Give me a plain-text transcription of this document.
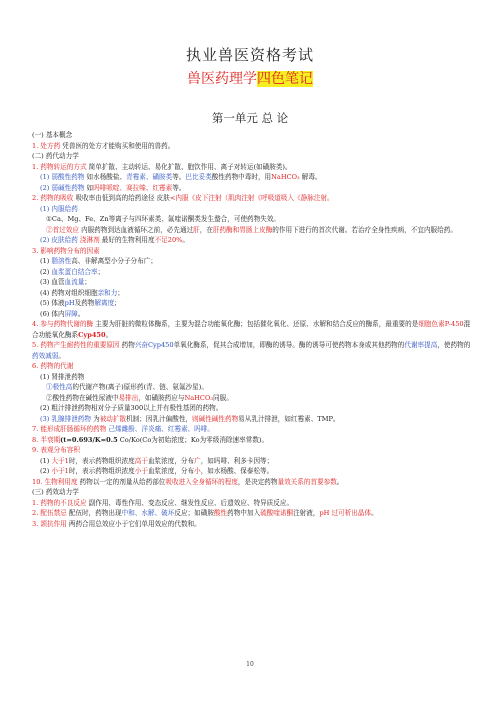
执业兽医资格考试
兽医药理学四色笔记
第一单元 总 论
(一) 基本概念
1. 处方药 凭兽医的处方才能购买和使用的兽药。
(二) 药代动力学
1. 药物转运的方式 简单扩散、主动转运、易化扩散、胞饮作用、离子对转运(如磺胺类)。
(1) 弱酸性药物 如水杨酸盐、青霉素、磺胺类等。巴比妥类酸性药物中毒时，用NaHCO₃ 解毒。
(2) 弱碱性药物 如吗啡哌啶、赛拉嗪、红霉素等。
2. 药物的吸收 吸收率由低到高的给药途径 皮肤<内服《皮下注射（肌肉注射《呼吸道吸入《静脉注射。
(1) 内服给药
①Ca、Mg、Fe、Zn等离子与四环素类、氟喹诺酮类发生螯合，可使药物失效。
②首过效应 内服药物到达血液循环之前，必先通过肝，在肝药酶和胃肠上皮酶的作用下进行的首次代谢。若治疗全身性疾病，不宜内服给药。
(2) 皮肤给药 浇淋剂 最好的生物利用度不足20%。
3. 影响药物分布的因素
(1) 脂溶性高、非解离型小分子分布广；
(2) 血浆蛋白结合率；
(3) 血管血流量；
(4) 药物对组织细胞亲和力；
(5) 体液pH及药物解离度；
(6) 体内屏障。
4. 参与药物代谢的酶 主要为肝脏的微粒体酶系，主要为混合功能氧化酶；包括催化氧化、还原、水解和结合反应的酶系，最重要的是细胞色素P-450混合功能氧化酶系Cyp450。
5. 药物产生耐药性的重要原因 药物兴奋Cyp450单氧化酶系，促其合成增加，即酶的诱导。酶的诱导可使药物本身或其他药物的代谢率提高，使药物的药效减弱。
6. 药物的代谢
(1) 肾排泄药物
①极性高的代谢产物(离子)原形药(青、链、氨氟沙星)。
②酸性药物在碱性尿液中易排出，如磺胺药应与NaHCO₃同服。
(2) 粗汁排泄药物相对分子质量300以上并有极性基团的药物。
(3) 乳腺排泄药物 为被动扩散机制；因乳汁偏酸性，则碱性碱性药物易从乳汁排泄，如红霉素、TMP。
7. 能形成肝肠循环的药物 己烯雌酚、洋炎痛、红霉素、吗啡。
8. 半衰期(t=0.693/K=0.5 Co/Ko(Co为初始浓度；Ko为零级消除速率常数)。
9. 表观分布容积
(1) 大于1时，表示药物组织浓度高于血浆浓度，分布广，如吗啡、利多卡因等；
(2) 小于1时，表示药物组织浓度小于血浆浓度，分布小，如水杨酸、保泰松等。
10. 生物利用度 药物以一定的剂量从给药部位吸收进入全身循环的程度，是决定药物量效关系的首要参数。
(三) 药效动力学
1. 药物的不良反应 副作用、毒性作用、变态反应、继发性反应、后遗效应、特异质反应。
2. 配伍禁忌 配伍时，药物出现中和、水解、破坏反应；如磺胺酸性药物中加入硫酸喹诺酮注射液，pH 过可析出晶体。
3. 颉抗作用 两药合用总效应小于它们单用效应的代数和。
10
